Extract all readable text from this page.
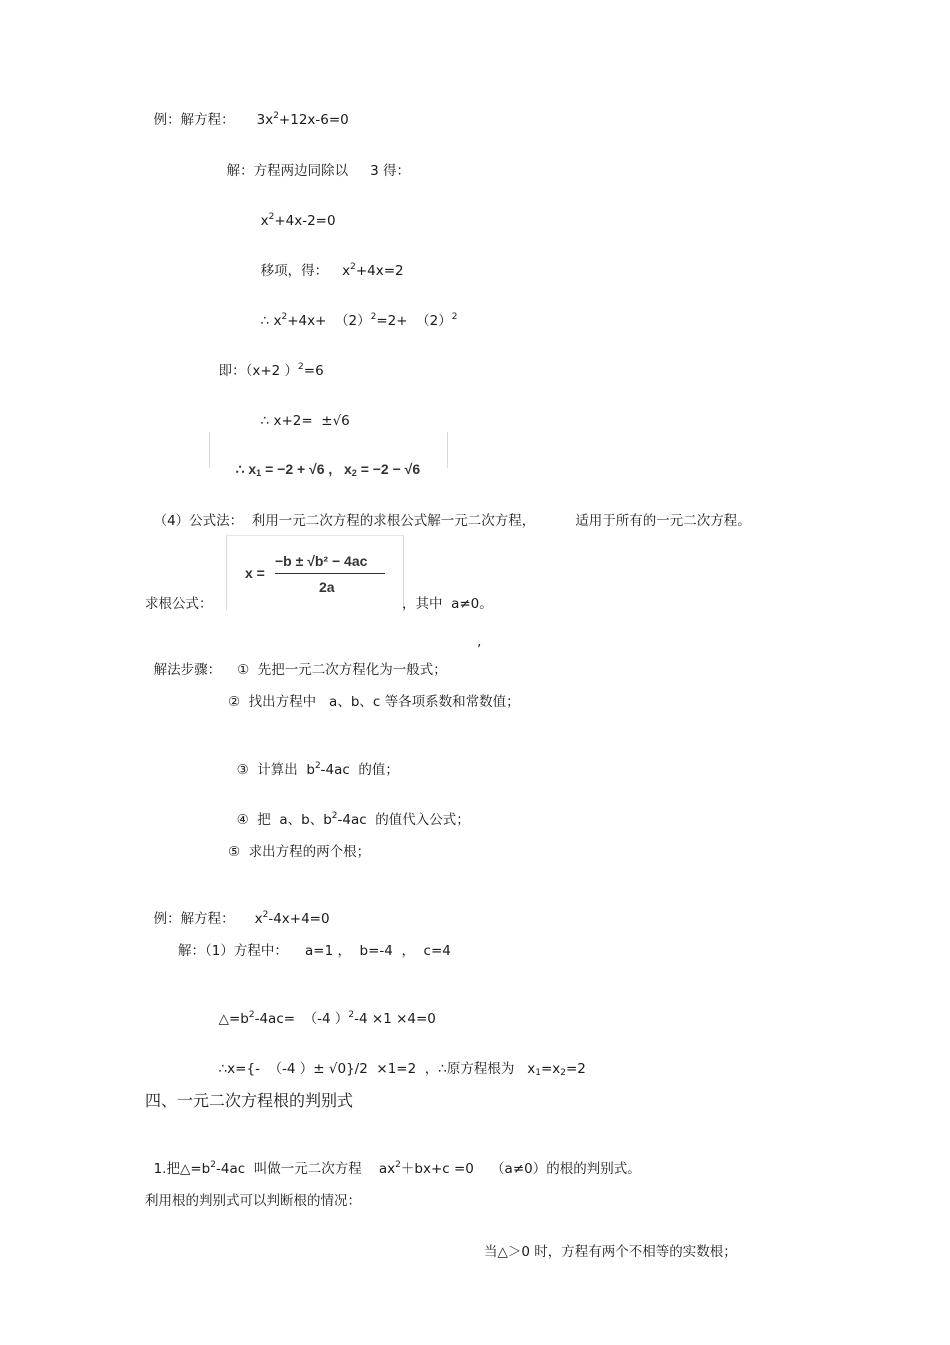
例：解方程： $3x^2+12x-6=0$

解：方程两边同除以 3 得：

$x^2+4x-2=0$

移项，得： $x^2+4x=2$

∴ $x^2+4x+ (2)^2=2+ (2)^2$

即：（x+2 ）$^2$=6

∴ x+2=  ±√6

∴ $x_1 = -2 + √6$ , $x_2 = -2 - √6$

（4）公式法：  利用一元二次方程的求根公式解一元二次方程，	适用于所有的一元二次方程。

x =
−b ± √b² − 4ac
2a
求根公式：	，其中  a≠0。

解法步骤： ①  先把一元二次方程化为一般式；

’
②  找出方程中   a、b、c 等各项系数和常数值；

③  计算出  $b^2-4ac$  的值；

④  把  a、b、$b^2-4ac$  的值代入公式；

⑤  求出方程的两个根；

例：解方程： $x^2-4x+4=0$

解：（1）方程中：    a=1 ，  b=-4  ，  c=4

$\triangle=b^2-4ac= (-4$ ）$^2$-4 ×1 ×4=0

∴x={-  （-4 ）± √0}/2  ×1=2  ，∴原方程根为   $x_1=x_2=2$

四、一元二次方程根的判别式

1.把$\triangle=b^2-4ac$  叫做一元二次方程    $ax^2+bx+c =0$    （a≠0）的根的判别式。

利用根的判别式可以判断根的情况：
当△＞0 时，方程有两个不相等的实数根；
